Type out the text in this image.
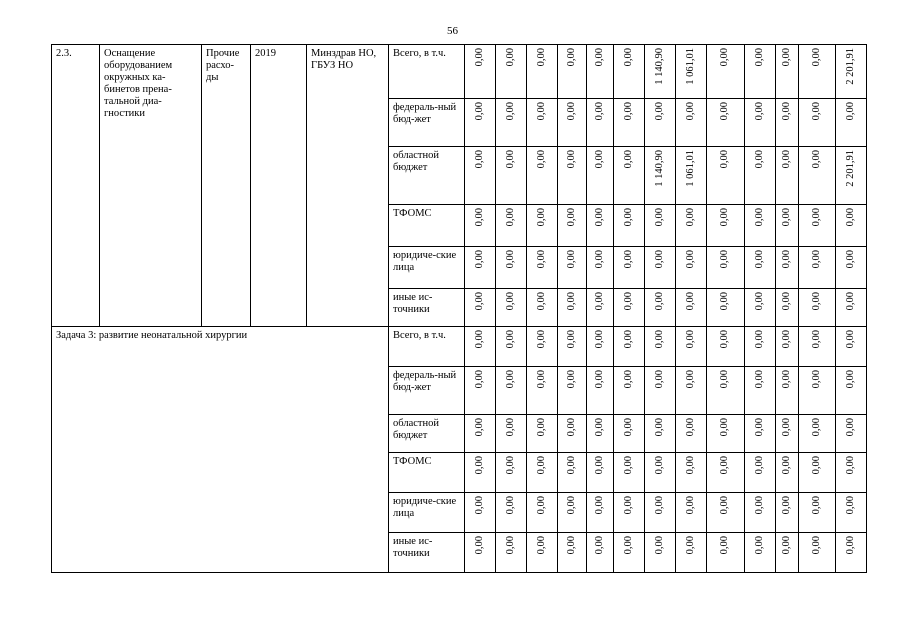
56
2.3.	Оснащение оборудованием окружных ка-бинетов прена-тальной диа-гностики	Прочие расхо-ды	2019	Минздрав НО, ГБУЗ НО	Всего, в т.ч.	0,00	0,00	0,00	0,00	0,00	0,00	1 140,90	1 061,01	0,00	0,00	0,00	0,00	2 201,91
					федераль-ный бюд-жет	0,00	0,00	0,00	0,00	0,00	0,00	0,00	0,00	0,00	0,00	0,00	0,00	0,00
					областной бюджет	0,00	0,00	0,00	0,00	0,00	0,00	1 140,90	1 061,01	0,00	0,00	0,00	0,00	2 201,91
					ТФОМС	0,00	0,00	0,00	0,00	0,00	0,00	0,00	0,00	0,00	0,00	0,00	0,00	0,00
					юридиче-ские лица	0,00	0,00	0,00	0,00	0,00	0,00	0,00	0,00	0,00	0,00	0,00	0,00	0,00
					иные ис-точники	0,00	0,00	0,00	0,00	0,00	0,00	0,00	0,00	0,00	0,00	0,00	0,00	0,00
Задача 3: развитие неонатальной хирургии					Всего, в т.ч.	0,00	0,00	0,00	0,00	0,00	0,00	0,00	0,00	0,00	0,00	0,00	0,00	0,00
					федераль-ный бюд-жет	0,00	0,00	0,00	0,00	0,00	0,00	0,00	0,00	0,00	0,00	0,00	0,00	0,00
					областной бюджет	0,00	0,00	0,00	0,00	0,00	0,00	0,00	0,00	0,00	0,00	0,00	0,00	0,00
					ТФОМС	0,00	0,00	0,00	0,00	0,00	0,00	0,00	0,00	0,00	0,00	0,00	0,00	0,00
					юридиче-ские лица	0,00	0,00	0,00	0,00	0,00	0,00	0,00	0,00	0,00	0,00	0,00	0,00	0,00
					иные ис-точники	0,00	0,00	0,00	0,00	0,00	0,00	0,00	0,00	0,00	0,00	0,00	0,00	0,00
